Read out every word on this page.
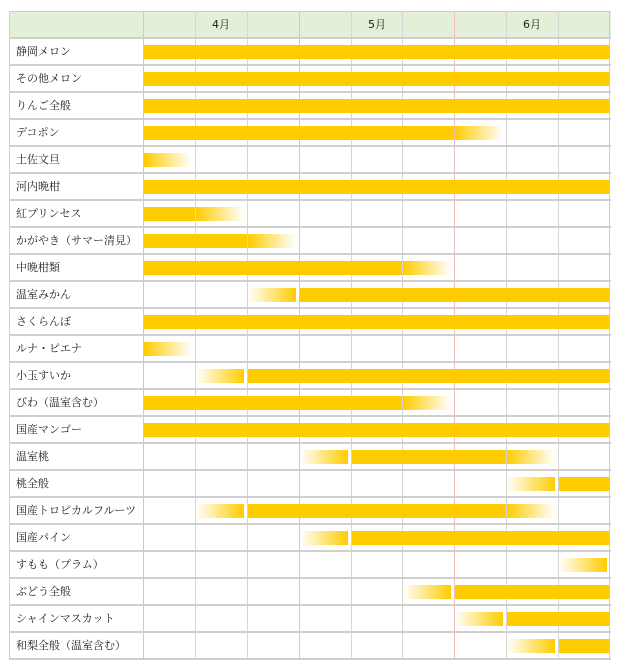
4月	5月	6月
静岡メロン
その他メロン
りんご全般
デコポン
土佐文旦
河内晩柑
紅プリンセス
かがやき（サマー清見）
中晩柑類
温室みかん
さくらんぼ
ルナ・ピエナ
小玉すいか
びわ（温室含む）
国産マンゴー
温室桃
桃全般
国産トロピカルフルーツ
国産パイン
すもも（プラム）
ぶどう全般
シャインマスカット
和梨全般（温室含む）
